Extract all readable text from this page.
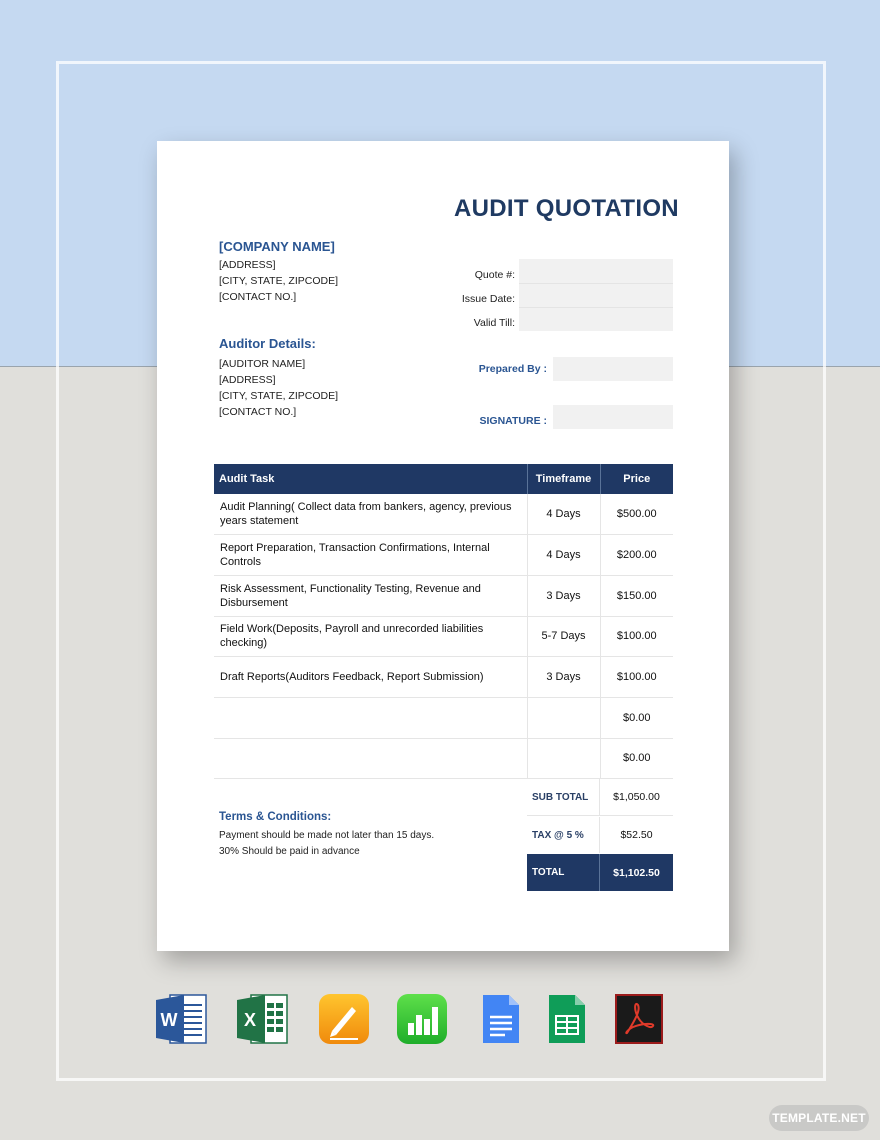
AUDIT QUOTATION
[COMPANY NAME]
[ADDRESS]
[CITY, STATE, ZIPCODE]
[CONTACT NO.]
Quote #:
Issue Date:
Valid Till:
Auditor Details:
[AUDITOR NAME]
[ADDRESS]
[CITY, STATE, ZIPCODE]
[CONTACT NO.]
Prepared By :
SIGNATURE :
Audit Task	Timeframe	Price
Audit Planning( Collect data from bankers, agency, previous years statement	4 Days	$500.00
Report Preparation, Transaction Confirmations, Internal Controls	4 Days	$200.00
Risk Assessment, Functionality Testing, Revenue and Disbursement	3 Days	$150.00
Field Work(Deposits, Payroll and unrecorded liabilities checking)	5-7 Days	$100.00
Draft Reports(Auditors Feedback, Report Submission)	3 Days	$100.00
		$0.00
		$0.00
SUB TOTAL	$1,050.00
TAX @ 5 %	$52.50
TOTAL	$1,102.50
Terms & Conditions:
Payment should be made not later than 15 days.
30% Should be paid in advance
W	X
TEMPLATE.NET
